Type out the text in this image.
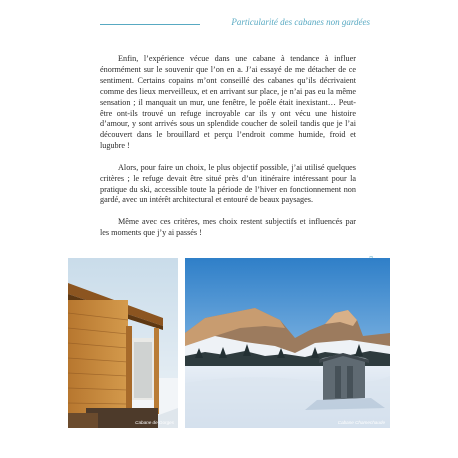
Particularité des cabanes non gardées

Enfin, l’expérience vécue dans une cabane à tendance à influer énormément sur le souvenir que l’on en a. J’ai essayé de me détacher de ce sentiment. Certains copains m’ont conseillé des cabanes qu’ils décrivaient comme des lieux merveilleux, et en arrivant sur place, je n’ai pas eu la même sensation ; il manquait un mur, une fenêtre, le poêle était inexistant… Peut-être ont-ils trouvé un refuge incroyable car ils y ont vécu une histoire d’amour, y sont arrivés sous un splendide coucher de soleil tandis que je l’ai découvert dans le brouillard et perçu l’endroit comme humide, froid et lugubre !

Alors, pour faire un choix, le plus objectif possible, j’ai utilisé quelques critères ; le refuge devait être situé près d’un itinéraire intéressant pour la pratique du ski, accessible toute la période de l’hiver en fonctionnement non gardé, avec un intérêt architectural et entouré de beaux paysages.

Même avec ces critères, mes choix restent subjectifs et influencés par les moments que j’y ai passés !

Cabane de Gorges	Cabane Chamechaude
